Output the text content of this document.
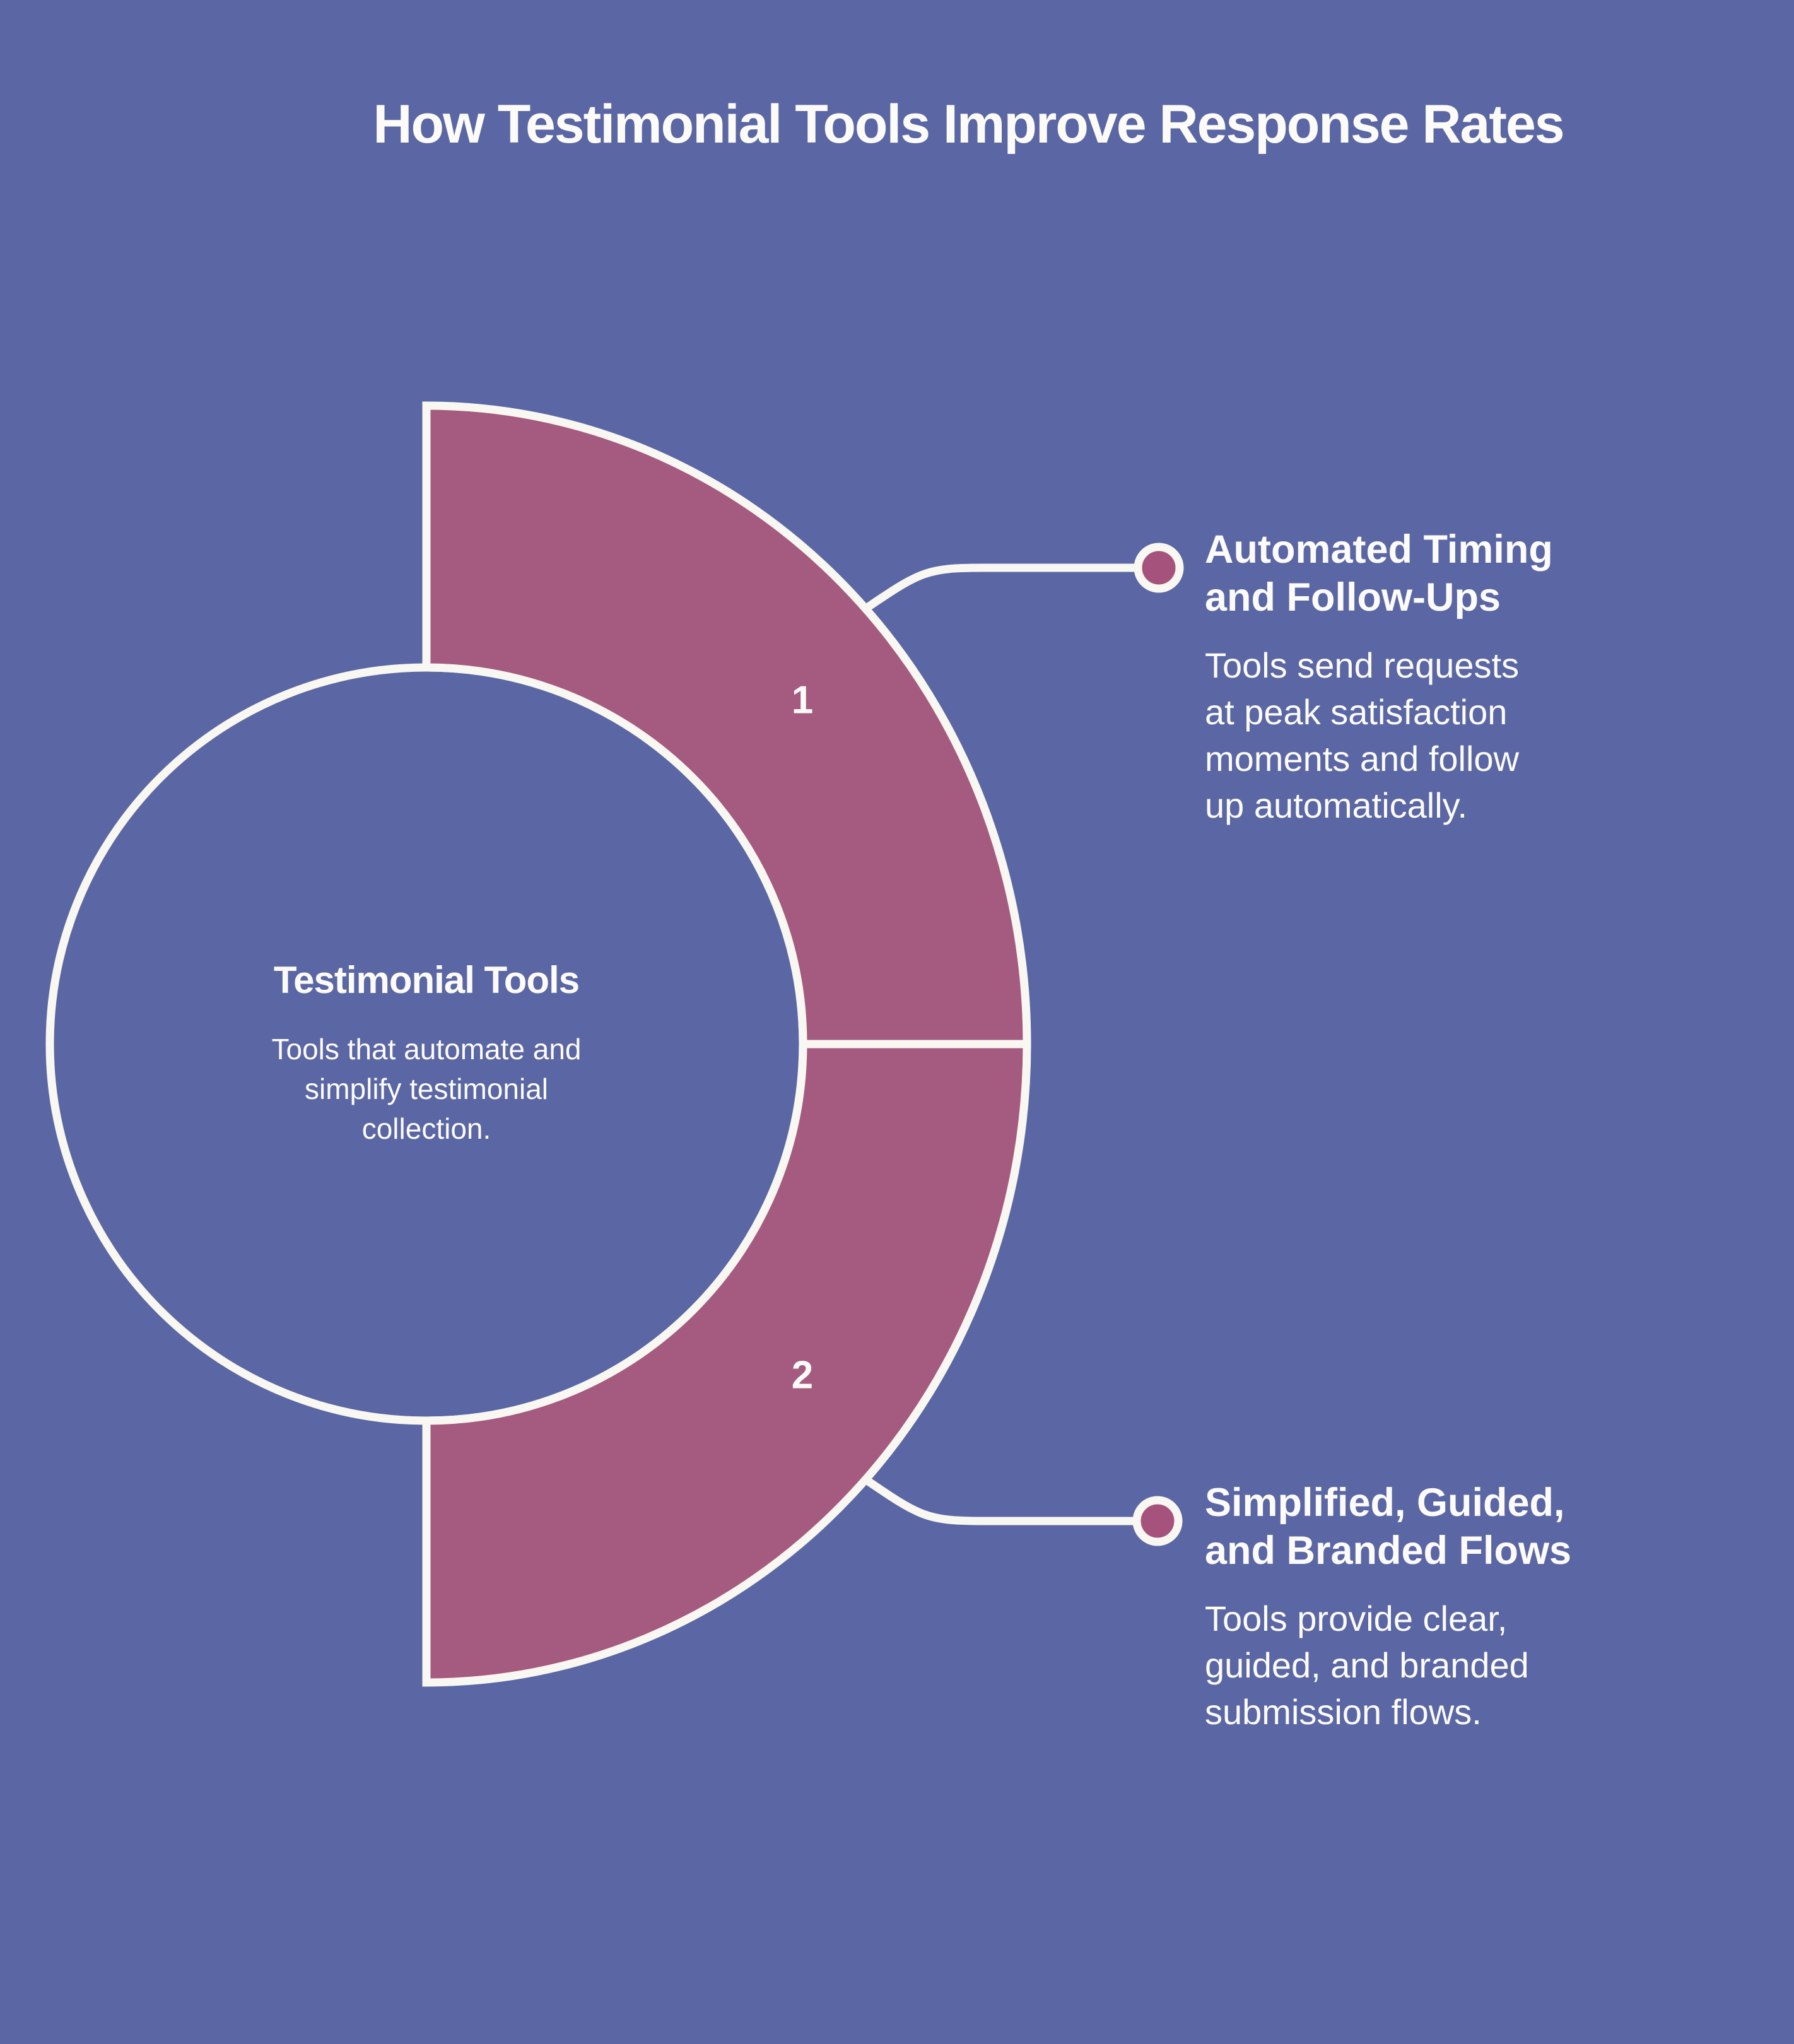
How Testimonial Tools Improve Response Rates
Testimonial Tools
Tools that automate and
simplify testimonial
collection.
1
2
Automated Timing
and Follow-Ups
Tools send requests
at peak satisfaction
moments and follow
up automatically.
Simplified, Guided,
and Branded Flows
Tools provide clear,
guided, and branded
submission flows.
